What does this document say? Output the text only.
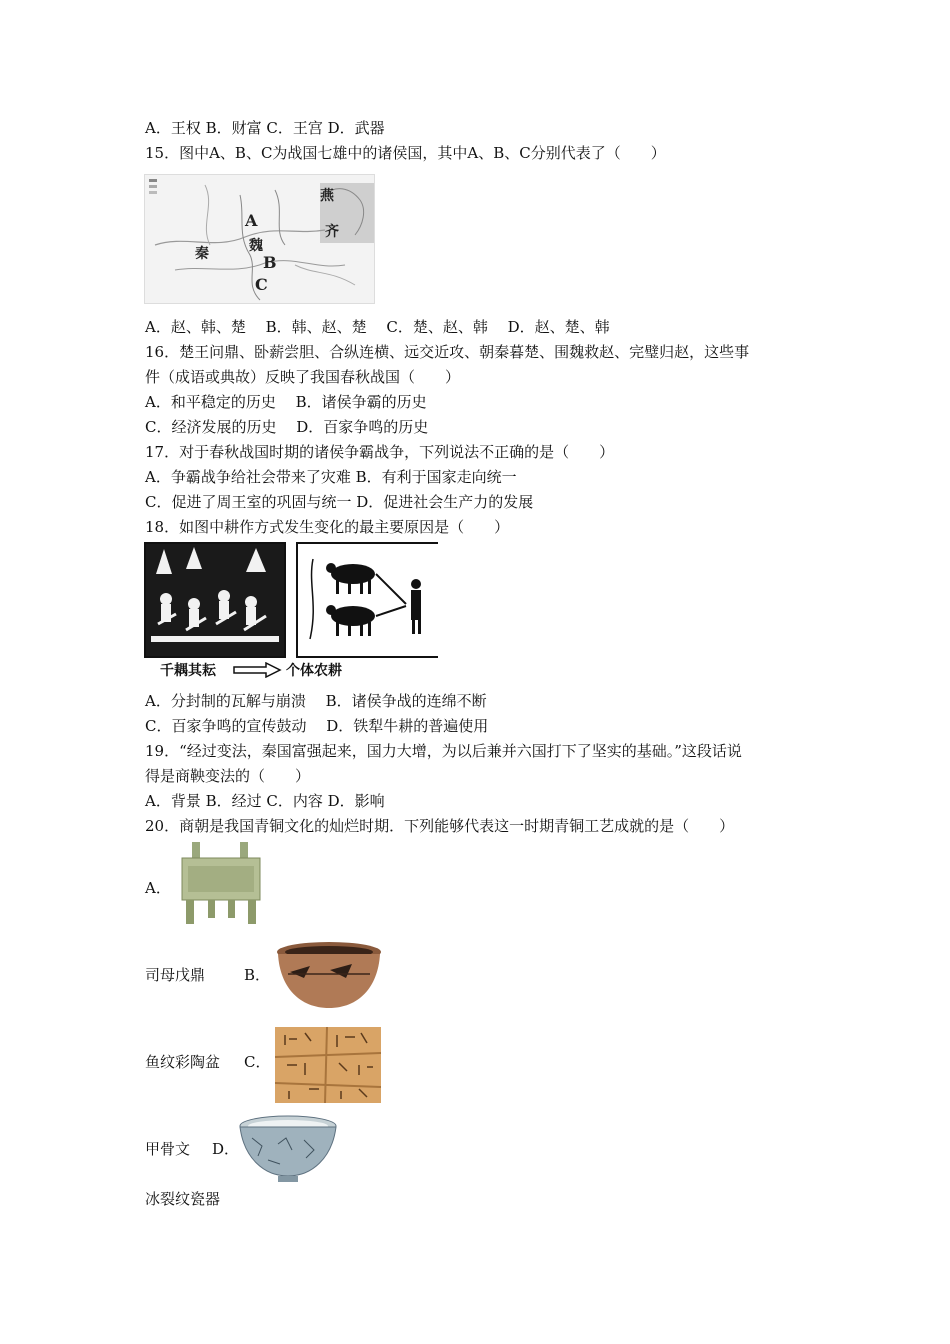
A．王权 B．财富 C．王宫 D．武器
15．图中A、B、C为战国七雄中的诸侯国，其中A、B、C分别代表了（　　）
燕
A
齐
秦	魏
B
C
A．赵、韩、楚　 B．韩、赵、楚　 C．楚、赵、韩　 D．赵、楚、韩
16．楚王问鼎、卧薪尝胆、合纵连横、远交近攻、朝秦暮楚、围魏救赵、完璧归赵，这些事
件（成语或典故）反映了我国春秋战国（　　）
A．和平稳定的历史　 B．诸侯争霸的历史
C．经济发展的历史　 D．百家争鸣的历史
17．对于春秋战国时期的诸侯争霸战争，下列说法不正确的是（　　）
A．争霸战争给社会带来了灾难 B．有利于国家走向统一
C．促进了周王室的巩固与统一 D．促进社会生产力的发展
18．如图中耕作方式发生变化的最主要原因是（　　）
千耦其耘	个体农耕
A．分封制的瓦解与崩溃　 B．诸侯争战的连绵不断
C．百家争鸣的宣传鼓动　 D．铁犁牛耕的普遍使用
19．“经过变法，秦国富强起来，国力大增，为以后兼并六国打下了坚实的基础。”这段话说
得是商鞅变法的（　　）
A．背景 B．经过 C．内容 D．影响
20．商朝是我国青铜文化的灿烂时期．下列能够代表这一时期青铜工艺成就的是（　　）
A．
司母戊鼎	B．
鱼纹彩陶盆 C．
甲骨文 D．
冰裂纹瓷器
